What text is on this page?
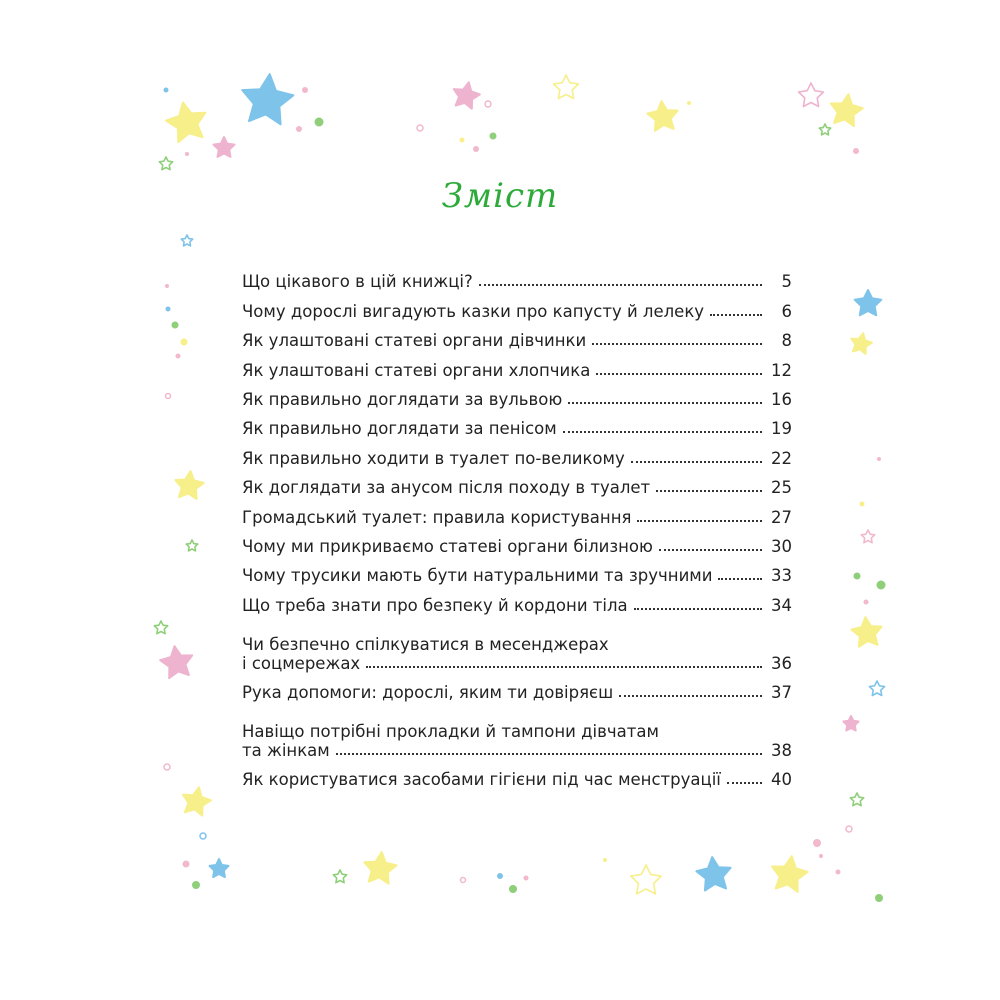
Зміст
Що цікавого в цій книжці?	5
Чому дорослі вигадують казки про капусту й лелеку	6
Як улаштовані статеві органи дівчинки	8
Як улаштовані статеві органи хлопчика	12
Як правильно доглядати за вульвою	16
Як правильно доглядати за пенісом	19
Як правильно ходити в туалет по-великому	22
Як доглядати за анусом після походу в туалет	25
Громадський туалет: правила користування	27
Чому ми прикриваємо статеві органи білизною	30
Чому трусики мають бути натуральними та зручними	33
Що треба знати про безпеку й кордони тіла	34
Чи безпечно спілкуватися в месенджерах
і соцмережах	36
Рука допомоги: дорослі, яким ти довіряєш	37
Навіщо потрібні прокладки й тампони дівчатам
та жінкам	38
Як користуватися засобами гігієни під час менструації	40
